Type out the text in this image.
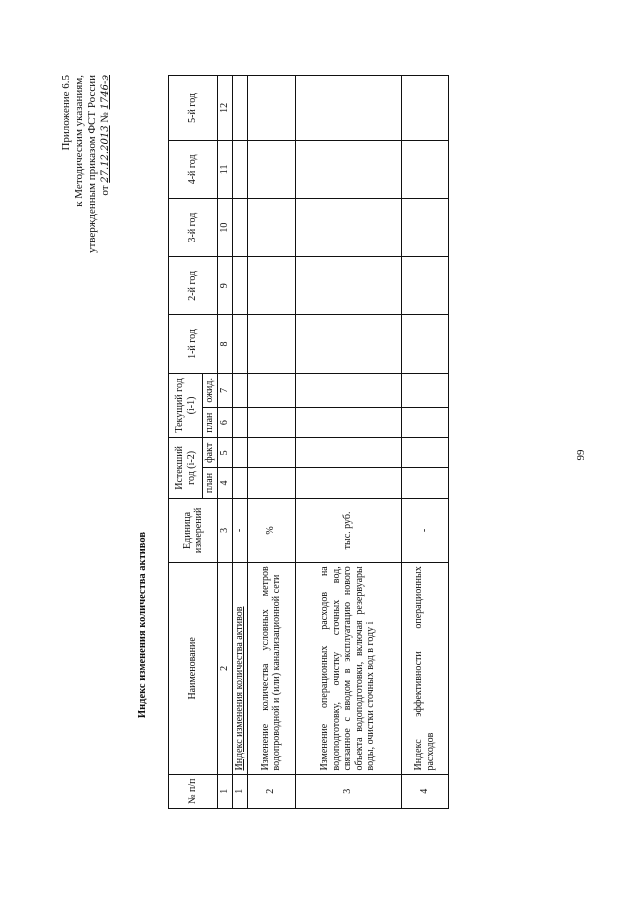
Приложение 6.5 к Методическим указаниям, утвержденным приказом ФСТ России от 27.12.2013 № 1746-э
Индекс изменения количества активов
№ п/п	Наименование	Единица измерений	Истекший год (i-2)		Текущий год (i-1)		1-й год	2-й год	3-й год	4-й год	5-й год
			план	факт	план	ожид.					
1	2	3	4	5	6	7	8	9	10	11	12
1	Индекс изменения количества активов	-									
2	Изменение количества условных метров водопроводной и (или) канализационной сети	%									
3	Изменение операционных расходов на водоподготовку, очистку сточных вод, связанное с вводом в эксплуатацию нового объекта водоподготовки, включая резервуары воды, очистки сточных вод в году i	тыс. руб.									
4	Индекс эффективности операционных расходов	-									
99
